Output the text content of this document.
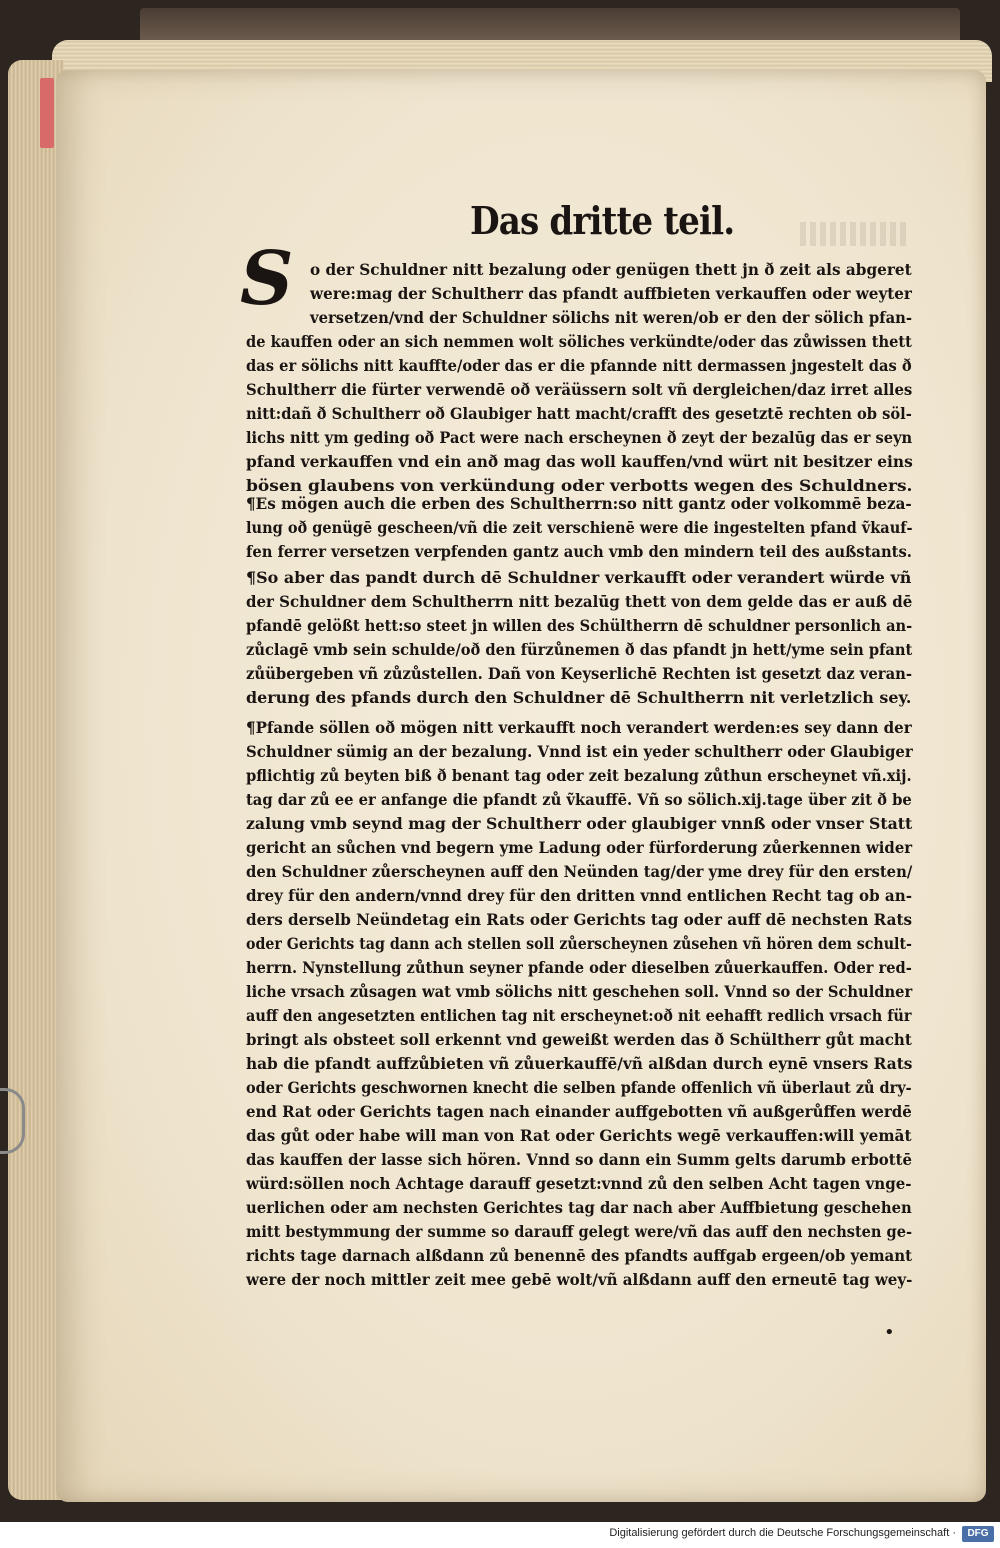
Das dritte teil.
S	o der Schuldner nitt bezalung oder genügen thett jn ð zeit als abgeret
were:mag der Schultherr das pfandt auffbieten verkauffen oder weyter
versetzen/vnd der Schuldner sölichs nit weren/ob er den der sölich pfan‑
de kauffen oder an sich nemmen wolt söliches verkündte/oder das zůwissen thett
das er sölichs nitt kauffte/oder das er die pfannde nitt dermassen jngestelt das ð
Schultherr die fürter verwendē oð veräüssern solt vñ dergleichen/daz irret alles
nitt:dañ ð Schultherr oð Glaubiger hatt macht/crafft des gesetztē rechten ob söl‑
lichs nitt ym geding oð Pact were nach erscheynen ð zeyt der bezalūg das er seyn
pfand verkauffen vnd ein anð mag das woll kauffen/vnd würt nit besitzer eins
bösen glaubens von verkündung oder verbotts wegen des Schuldners.
¶Es mögen auch die erben des Schultherrn:so nitt gantz oder volkommē beza‑
lung oð genügē gescheen/vñ die zeit verschienē were die ingestelten pfand ṽkauf‑
fen ferrer versetzen verpfenden gantz auch vmb den mindern teil des außstants.
¶So aber das pandt durch dē Schuldner verkaufft oder verandert würde vñ
der Schuldner dem Schultherrn nitt bezalūg thett von dem gelde das er auß dē
pfandē gelößt hett:so steet jn willen des Schültherrn dē schuldner personlich an‑
zůclagē vmb sein schulde/oð den fürzůnemen ð das pfandt jn hett/yme sein pfant
zůübergeben vñ zůzůstellen. Dañ von Keyserlichē Rechten ist gesetzt daz veran‑
derung des pfands durch den Schuldner dē Schultherrn nit verletzlich sey.
¶Pfande söllen oð mögen nitt verkaufft noch verandert werden:es sey dann der
Schuldner sümig an der bezalung. Vnnd ist ein yeder schultherr oder Glaubiger
pflichtig zů beyten biß ð benant tag oder zeit bezalung zůthun erscheynet vñ.xij.
tag dar zů ee er anfange die pfandt zů ṽkauffē. Vñ so sölich.xij.tage über zit ð be
zalung vmb seynd mag der Schultherr oder glaubiger vnnß oder vnser Statt
gericht an sůchen vnd begern yme Ladung oder fürforderung zůerkennen wider
den Schuldner zůerscheynen auff den Neünden tag/der yme drey für den ersten/
drey für den andern/vnnd drey für den dritten vnnd entlichen Recht tag ob an‑
ders derselb Neündetag ein Rats oder Gerichts tag oder auff dē nechsten Rats
oder Gerichts tag dann ach stellen soll zůerscheynen zůsehen vñ hören dem schult‑
herrn. Nynstellung zůthun seyner pfande oder dieselben zůuerkauffen. Oder red‑
liche vrsach zůsagen wat vmb sölichs nitt geschehen soll. Vnnd so der Schuldner
auff den angesetzten entlichen tag nit erscheynet:oð nit eehafft redlich vrsach für
bringt als obsteet soll erkennt vnd geweißt werden das ð Schültherr gůt macht
hab die pfandt auffzůbieten vñ zůuerkauffē/vñ alßdan durch eynē vnsers Rats
oder Gerichts geschwornen knecht die selben pfande offenlich vñ überlaut zů dry‑
end Rat oder Gerichts tagen nach einander auffgebotten vñ außgerůffen werdē
das gůt oder habe will man von Rat oder Gerichts wegē verkauffen:will yemāt
das kauffen der lasse sich hören. Vnnd so dann ein Summ gelts darumb erbottē
würd:söllen noch Achtage darauff gesetzt:vnnd zů den selben Acht tagen vnge‑
uerlichen oder am nechsten Gerichtes tag dar nach aber Auffbietung geschehen
mitt bestymmung der summe so darauff gelegt were/vñ das auff den nechsten ge‑
richts tage darnach alßdann zů benennē des pfandts auffgab ergeen/ob yemant
were der noch mittler zeit mee gebē wolt/vñ alßdann auff den erneutē tag wey‑
•
Digitalisierung gefördert durch die Deutsche Forschungsgemeinschaft ·	DFG
